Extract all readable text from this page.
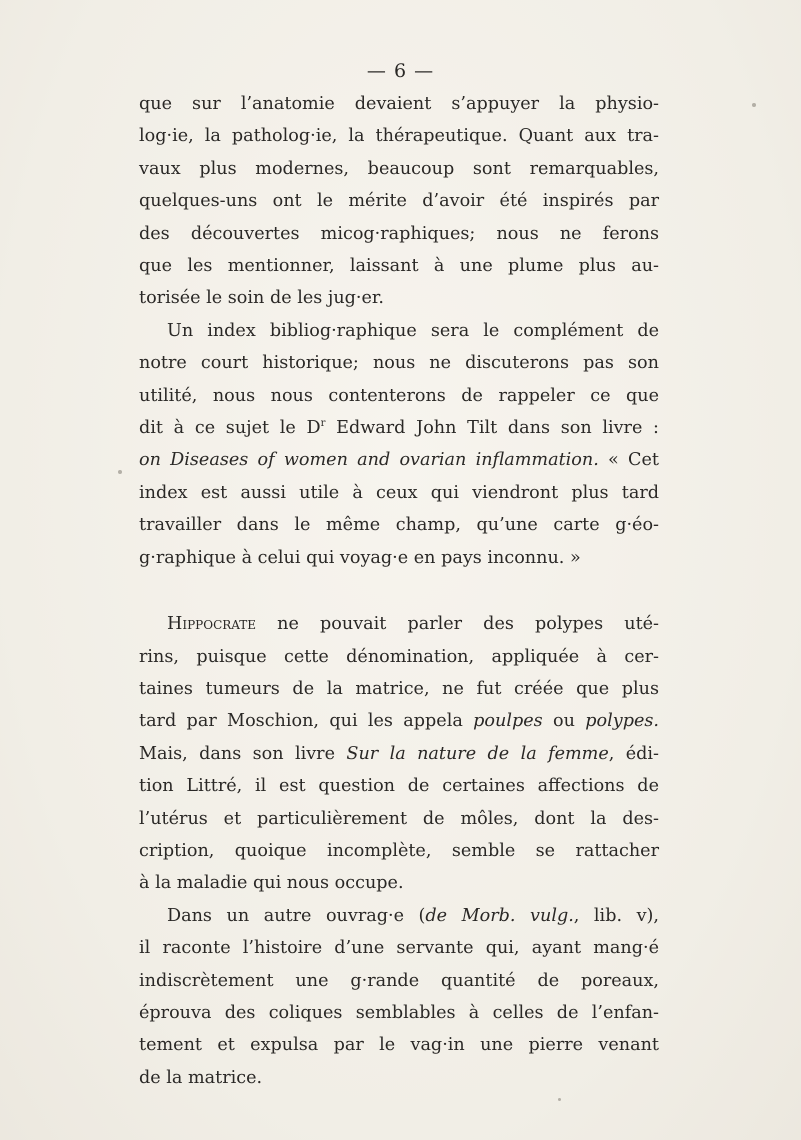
— 6 —

que sur l’anatomie devaient s’appuyer la physio-
log·ie, la patholog·ie, la thérapeutique. Quant aux tra-
vaux plus modernes, beaucoup sont remarquables,
quelques-uns ont le mérite d’avoir été inspirés par
des découvertes micog·raphiques; nous ne ferons
que les mentionner, laissant à une plume plus au-
torisée le soin de les jug·er.

Un index bibliog·raphique sera le complément de
notre court historique; nous ne discuterons pas son
utilité, nous nous contenterons de rappeler ce que
dit à ce sujet le $D^r$ Edward John Tilt dans son livre :
on Diseases of women and ovarian inflammation. « Cet
index est aussi utile à ceux qui viendront plus tard
travailler dans le même champ, qu’une carte g·éo-
g·raphique à celui qui voyag·e en pays inconnu. »

Hippocrate ne pouvait parler des polypes uté-
rins, puisque cette dénomination, appliquée à cer-
taines tumeurs de la matrice, ne fut créée que plus
tard par Moschion, qui les appela poulpes ou polypes.
Mais, dans son livre Sur la nature de la femme, édi-
tion Littré, il est question de certaines affections de
l’utérus et particulièrement de môles, dont la des-
cription, quoique incomplète, semble se rattacher
à la maladie qui nous occupe.

Dans un autre ouvrag·e (de Morb. vulg., lib. v),
il raconte l’histoire d’une servante qui, ayant mang·é
indiscrètement une g·rande quantité de poreaux,
éprouva des coliques semblables à celles de l’enfan-
tement et expulsa par le vag·in une pierre venant
de la matrice.
